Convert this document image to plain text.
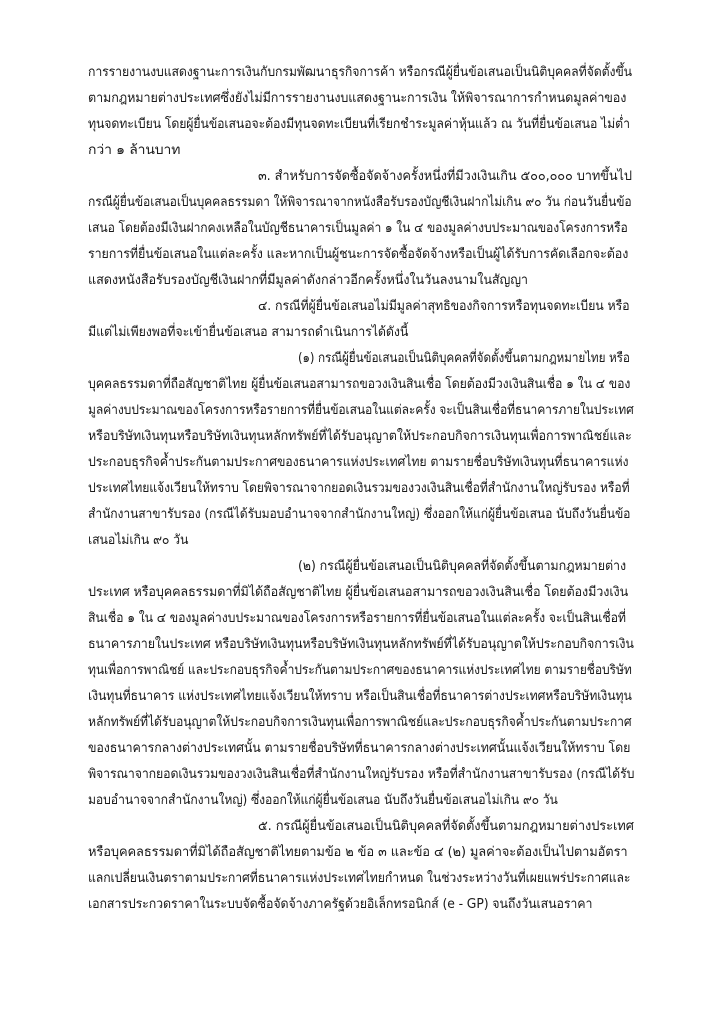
การรายงานงบแสดงฐานะการเงินกับกรมพัฒนาธุรกิจการค้า หรือกรณีผู้ยื่นข้อเสนอเป็นนิติบุคคลที่จัดตั้งขึ้น
ตามกฎหมายต่างประเทศซึ่งยังไม่มีการรายงานงบแสดงฐานะการเงิน ให้พิจารณาการกำหนดมูลค่าของ
ทุนจดทะเบียน โดยผู้ยื่นข้อเสนอจะต้องมีทุนจดทะเบียนที่เรียกชำระมูลค่าหุ้นแล้ว ณ วันที่ยื่นข้อเสนอ ไม่ต่ำ
กว่า ๑ ล้านบาท
๓. สำหรับการจัดซื้อจัดจ้างครั้งหนึ่งที่มีวงเงินเกิน ๕๐๐,๐๐๐ บาทขึ้นไป
กรณีผู้ยื่นข้อเสนอเป็นบุคคลธรรมดา ให้พิจารณาจากหนังสือรับรองบัญชีเงินฝากไม่เกิน ๙๐ วัน ก่อนวันยื่นข้อ
เสนอ โดยต้องมีเงินฝากคงเหลือในบัญชีธนาคารเป็นมูลค่า ๑ ใน ๔ ของมูลค่างบประมาณของโครงการหรือ
รายการที่ยื่นข้อเสนอในแต่ละครั้ง และหากเป็นผู้ชนะการจัดซื้อจัดจ้างหรือเป็นผู้ได้รับการคัดเลือกจะต้อง
แสดงหนังสือรับรองบัญชีเงินฝากที่มีมูลค่าดังกล่าวอีกครั้งหนึ่งในวันลงนามในสัญญา
๔. กรณีที่ผู้ยื่นข้อเสนอไม่มีมูลค่าสุทธิของกิจการหรือทุนจดทะเบียน หรือ
มีแต่ไม่เพียงพอที่จะเข้ายื่นข้อเสนอ สามารถดำเนินการได้ดังนี้
(๑) กรณีผู้ยื่นข้อเสนอเป็นนิติบุคคลที่จัดตั้งขึ้นตามกฎหมายไทย หรือ
บุคคลธรรมดาที่ถือสัญชาติไทย ผู้ยื่นข้อเสนอสามารถขอวงเงินสินเชื่อ โดยต้องมีวงเงินสินเชื่อ ๑ ใน ๔ ของ
มูลค่างบประมาณของโครงการหรือรายการที่ยื่นข้อเสนอในแต่ละครั้ง จะเป็นสินเชื่อที่ธนาคารภายในประเทศ
หรือบริษัทเงินทุนหรือบริษัทเงินทุนหลักทรัพย์ที่ได้รับอนุญาตให้ประกอบกิจการเงินทุนเพื่อการพาณิชย์และ
ประกอบธุรกิจค้ำประกันตามประกาศของธนาคารแห่งประเทศไทย ตามรายชื่อบริษัทเงินทุนที่ธนาคารแห่ง
ประเทศไทยแจ้งเวียนให้ทราบ โดยพิจารณาจากยอดเงินรวมของวงเงินสินเชื่อที่สำนักงานใหญ่รับรอง หรือที่
สำนักงานสาขารับรอง (กรณีได้รับมอบอำนาจจากสำนักงานใหญ่) ซึ่งออกให้แก่ผู้ยื่นข้อเสนอ นับถึงวันยื่นข้อ
เสนอไม่เกิน ๙๐ วัน
(๒) กรณีผู้ยื่นข้อเสนอเป็นนิติบุคคลที่จัดตั้งขึ้นตามกฎหมายต่าง
ประเทศ หรือบุคคลธรรมดาที่มิได้ถือสัญชาติไทย ผู้ยื่นข้อเสนอสามารถขอวงเงินสินเชื่อ โดยต้องมีวงเงิน
สินเชื่อ ๑ ใน ๔ ของมูลค่างบประมาณของโครงการหรือรายการที่ยื่นข้อเสนอในแต่ละครั้ง จะเป็นสินเชื่อที่
ธนาคารภายในประเทศ หรือบริษัทเงินทุนหรือบริษัทเงินทุนหลักทรัพย์ที่ได้รับอนุญาตให้ประกอบกิจการเงิน
ทุนเพื่อการพาณิชย์ และประกอบธุรกิจค้ำประกันตามประกาศของธนาคารแห่งประเทศไทย ตามรายชื่อบริษัท
เงินทุนที่ธนาคาร แห่งประเทศไทยแจ้งเวียนให้ทราบ หรือเป็นสินเชื่อที่ธนาคารต่างประเทศหรือบริษัทเงินทุน
หลักทรัพย์ที่ได้รับอนุญาตให้ประกอบกิจการเงินทุนเพื่อการพาณิชย์และประกอบธุรกิจค้ำประกันตามประกาศ
ของธนาคารกลางต่างประเทศนั้น ตามรายชื่อบริษัทที่ธนาคารกลางต่างประเทศนั้นแจ้งเวียนให้ทราบ โดย
พิจารณาจากยอดเงินรวมของวงเงินสินเชื่อที่สำนักงานใหญ่รับรอง หรือที่สำนักงานสาขารับรอง (กรณีได้รับ
มอบอำนาจจากสำนักงานใหญ่) ซึ่งออกให้แก่ผู้ยื่นข้อเสนอ นับถึงวันยื่นข้อเสนอไม่เกิน ๙๐ วัน
๕. กรณีผู้ยื่นข้อเสนอเป็นนิติบุคคลที่จัดตั้งขึ้นตามกฎหมายต่างประเทศ
หรือบุคคลธรรมดาที่มิได้ถือสัญชาติไทยตามข้อ ๒ ข้อ ๓ และข้อ ๔ (๒) มูลค่าจะต้องเป็นไปตามอัตรา
แลกเปลี่ยนเงินตราตามประกาศที่ธนาคารแห่งประเทศไทยกำหนด ในช่วงระหว่างวันที่เผยแพร่ประกาศและ
เอกสารประกวดราคาในระบบจัดซื้อจัดจ้างภาครัฐด้วยอิเล็กทรอนิกส์ (e - GP) จนถึงวันเสนอราคา
